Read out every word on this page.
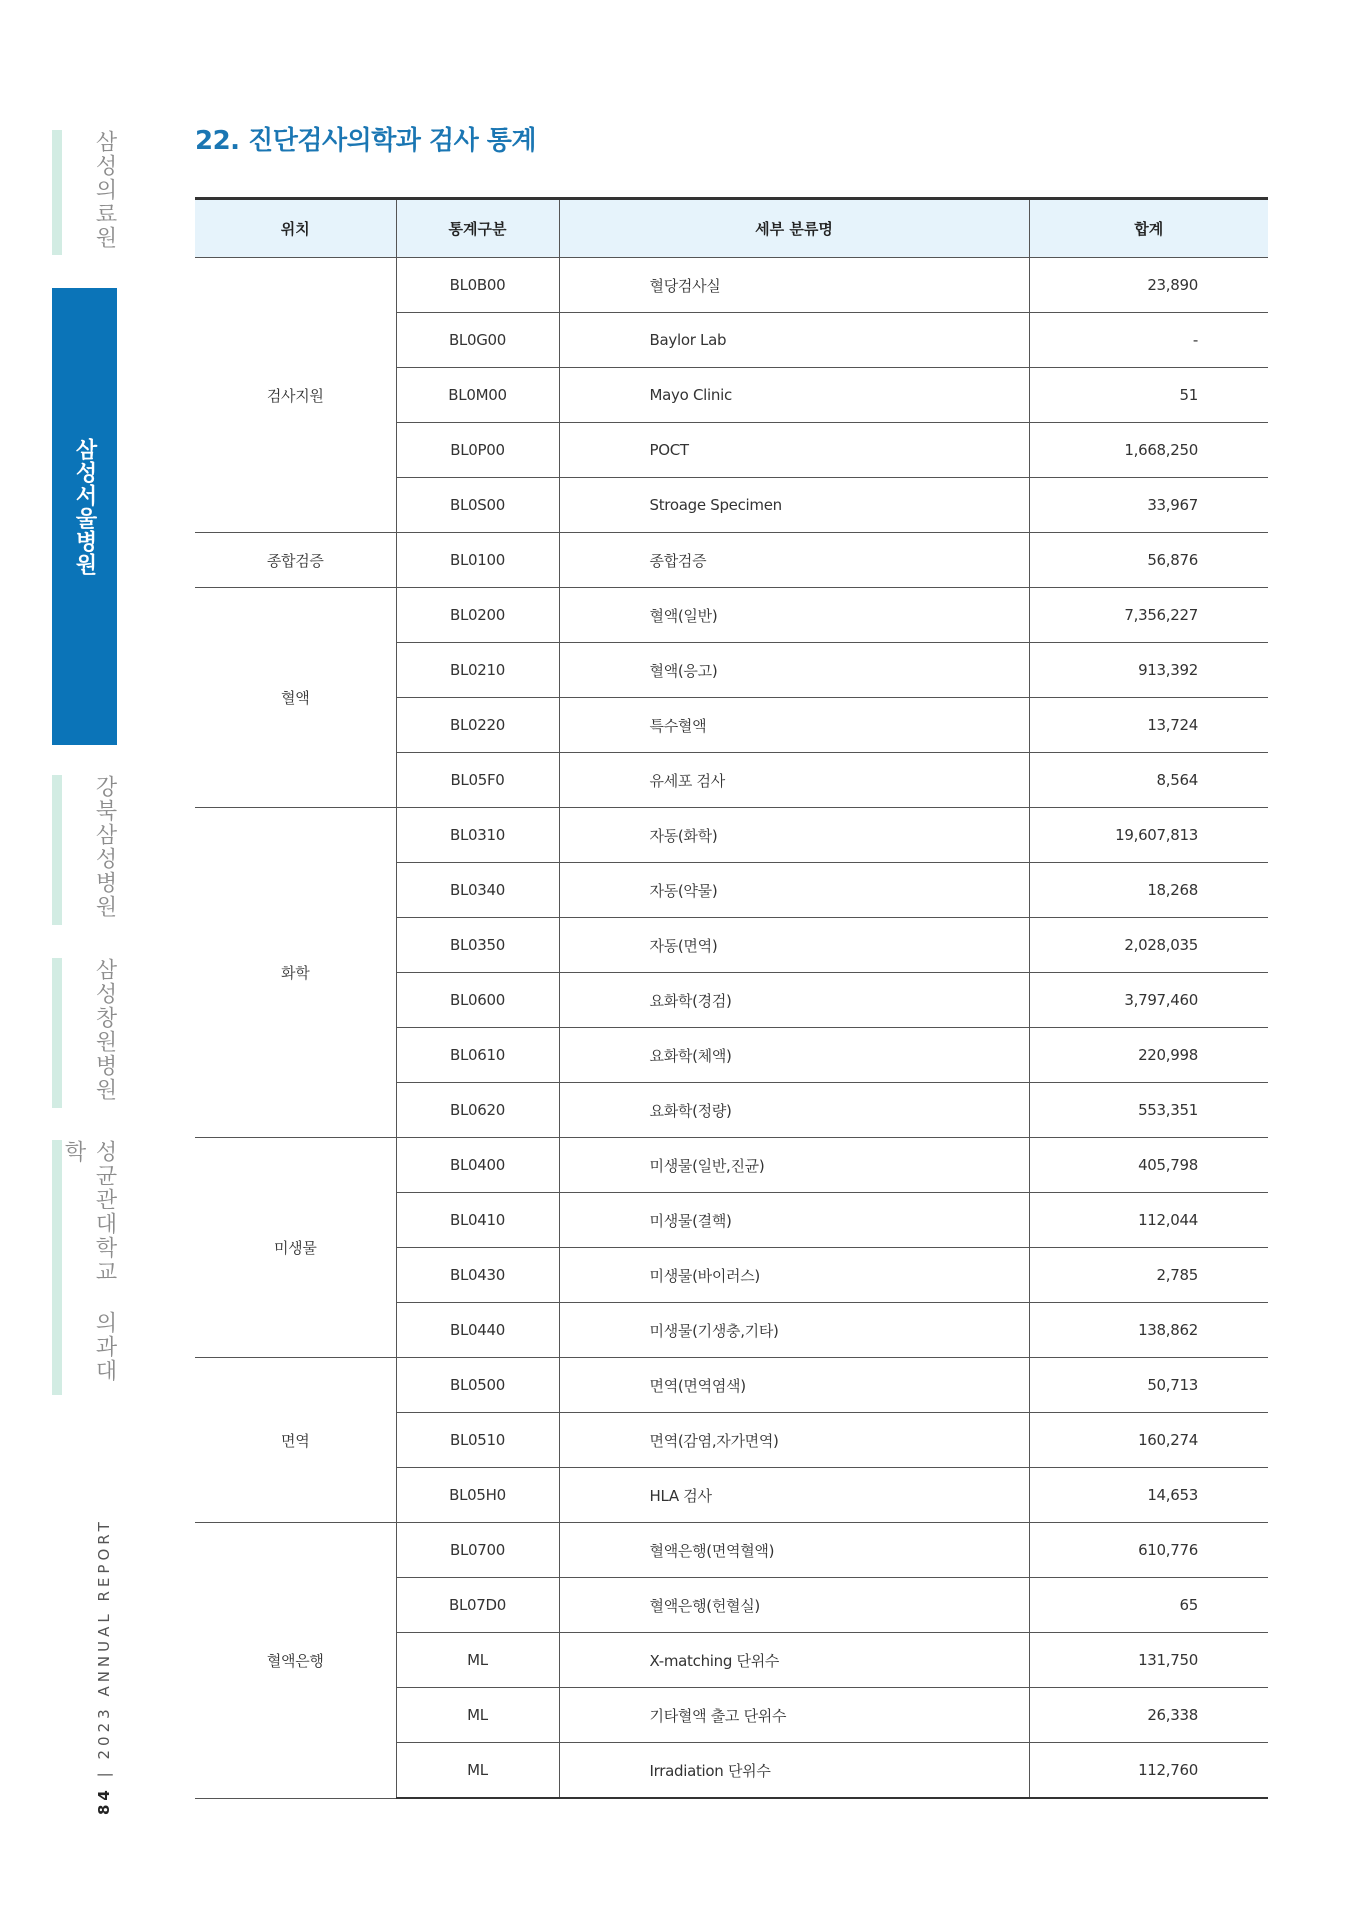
삼성의료원
삼성서울병원
강북삼성병원
삼성창원병원
성균관대학교 의과대학
84 | 2023 ANNUAL REPORT
22. 진단검사의학과 검사 통계
위치	통계구분	세부 분류명	합계
검사지원	BL0B00	혈당검사실	23,890
	BL0G00	Baylor Lab	-
	BL0M00	Mayo Clinic	51
	BL0P00	POCT	1,668,250
	BL0S00	Stroage Specimen	33,967
종합검증	BL0100	종합검증	56,876
혈액	BL0200	혈액(일반)	7,356,227
	BL0210	혈액(응고)	913,392
	BL0220	특수혈액	13,724
	BL05F0	유세포 검사	8,564
화학	BL0310	자동(화학)	19,607,813
	BL0340	자동(약물)	18,268
	BL0350	자동(면역)	2,028,035
	BL0600	요화학(경검)	3,797,460
	BL0610	요화학(체액)	220,998
	BL0620	요화학(정량)	553,351
미생물	BL0400	미생물(일반,진균)	405,798
	BL0410	미생물(결핵)	112,044
	BL0430	미생물(바이러스)	2,785
	BL0440	미생물(기생충,기타)	138,862
면역	BL0500	면역(면역염색)	50,713
	BL0510	면역(감염,자가면역)	160,274
	BL05H0	HLA 검사	14,653
혈액은행	BL0700	혈액은행(면역혈액)	610,776
	BL07D0	혈액은행(헌혈실)	65
	ML	X-matching 단위수	131,750
	ML	기타혈액 출고 단위수	26,338
	ML	Irradiation 단위수	112,760
